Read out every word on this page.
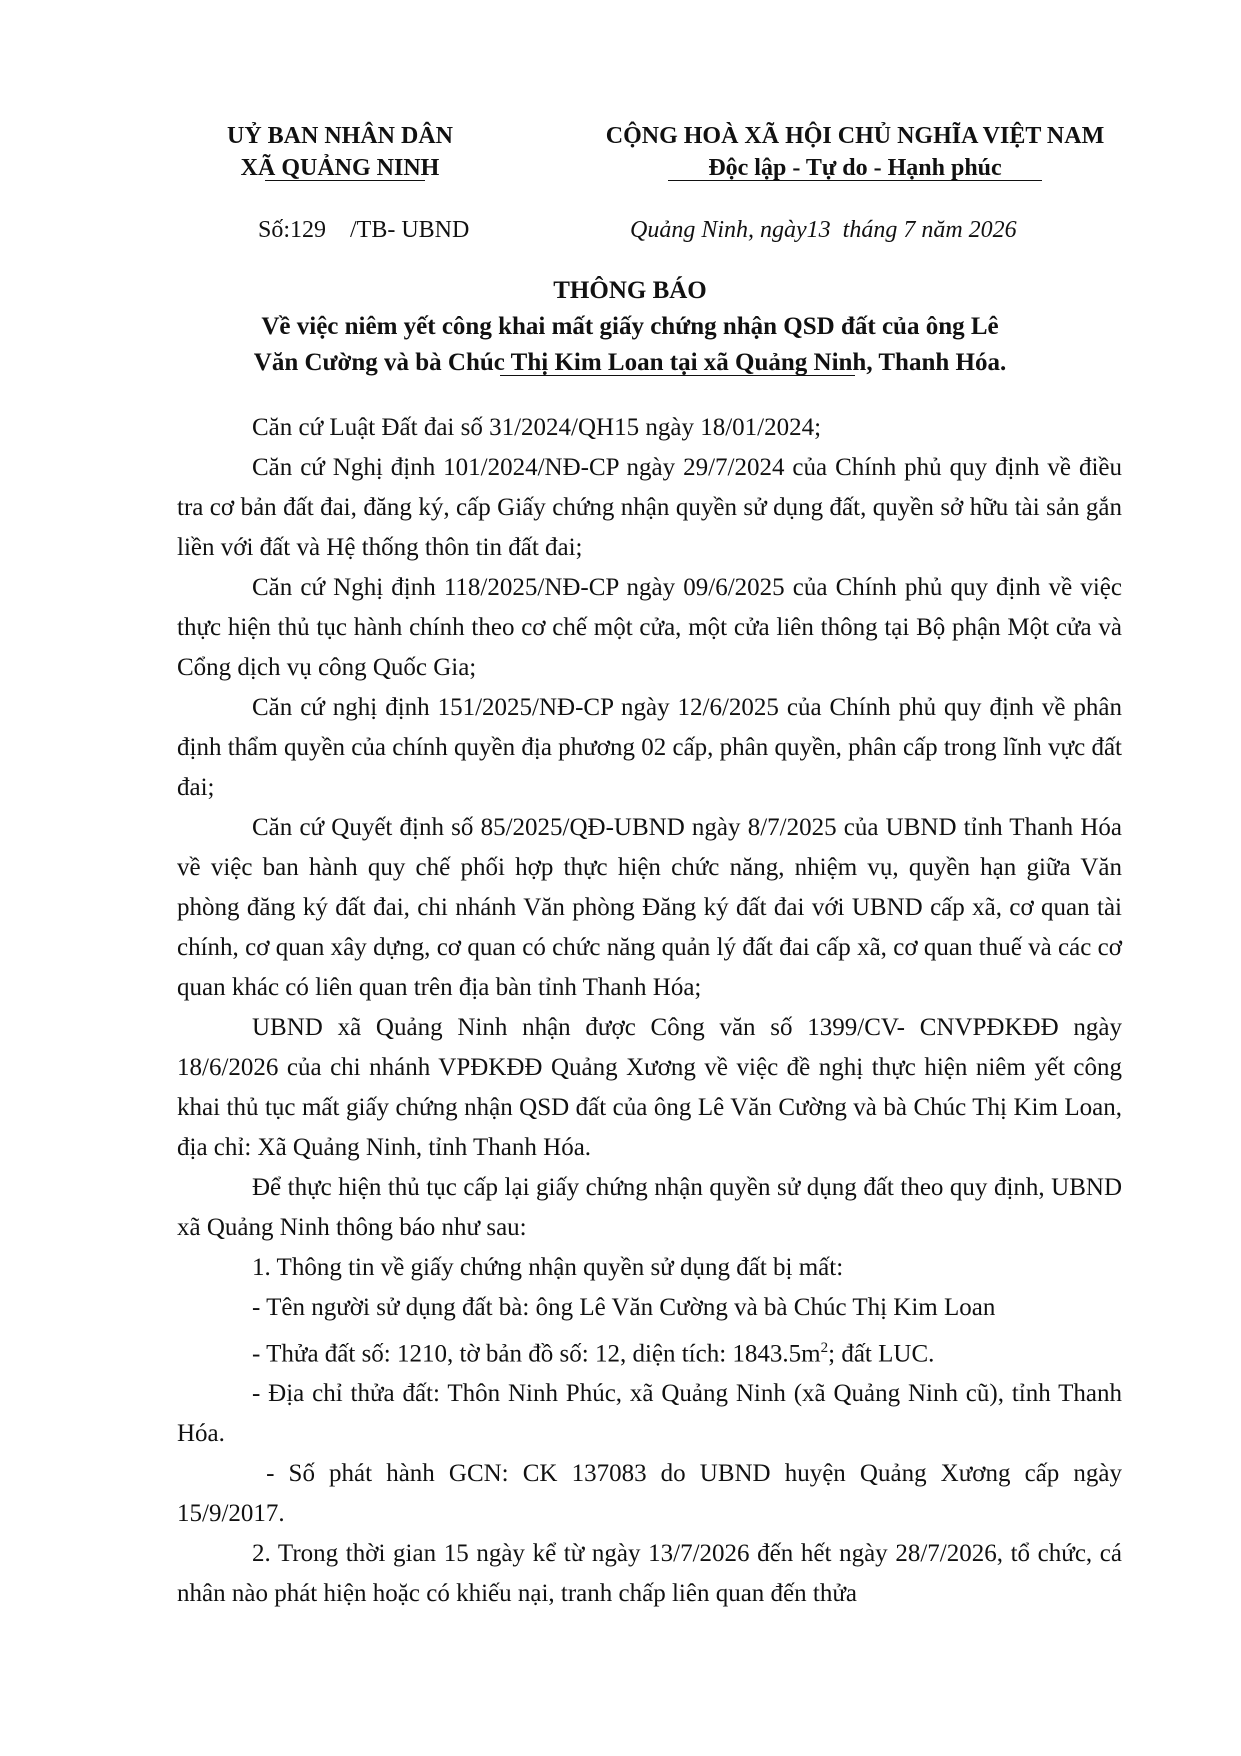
UỶ BAN NHÂN DÂN
XÃ QUẢNG NINH
CỘNG HOÀ XÃ HỘI CHỦ NGHĨA VIỆT NAM
Độc lập - Tự do - Hạnh phúc
Số:129    /TB- UBND	Quảng Ninh, ngày13  tháng 7 năm 2026
THÔNG BÁO
Về việc niêm yết công khai mất giấy chứng nhận QSD đất của ông Lê
Văn Cường và bà Chúc Thị Kim Loan tại xã Quảng Ninh, Thanh Hóa.

Căn cứ Luật Đất đai số 31/2024/QH15 ngày 18/01/2024;

Căn cứ Nghị định 101/2024/NĐ-CP ngày 29/7/2024 của Chính phủ quy định về điều tra cơ bản đất đai, đăng ký, cấp Giấy chứng nhận quyền sử dụng đất, quyền sở hữu tài sản gắn liền với đất và Hệ thống thôn tin đất đai;

Căn cứ Nghị định 118/2025/NĐ-CP ngày 09/6/2025 của Chính phủ quy định về việc thực hiện thủ tục hành chính theo cơ chế một cửa, một cửa liên thông tại Bộ phận Một cửa và Cổng dịch vụ công Quốc Gia;

Căn cứ nghị định 151/2025/NĐ-CP ngày 12/6/2025 của Chính phủ quy định về phân định thẩm quyền của chính quyền địa phương 02 cấp, phân quyền, phân cấp trong lĩnh vực đất đai;

Căn cứ Quyết định số 85/2025/QĐ-UBND ngày 8/7/2025 của UBND tỉnh Thanh Hóa về việc ban hành quy chế phối hợp thực hiện chức năng, nhiệm vụ, quyền hạn giữa Văn phòng đăng ký đất đai, chi nhánh Văn phòng Đăng ký đất đai với UBND cấp xã, cơ quan tài chính, cơ quan xây dựng, cơ quan có chức năng quản lý đất đai cấp xã, cơ quan thuế và các cơ quan khác có liên quan trên địa bàn tỉnh Thanh Hóa;

UBND xã Quảng Ninh nhận được Công văn số 1399/CV- CNVPĐKĐĐ ngày 18/6/2026 của chi nhánh VPĐKĐĐ Quảng Xương về việc đề nghị thực hiện niêm yết công khai thủ tục mất giấy chứng nhận QSD đất của ông Lê Văn Cường và bà Chúc Thị Kim Loan, địa chỉ: Xã Quảng Ninh, tỉnh Thanh Hóa.

Để thực hiện thủ tục cấp lại giấy chứng nhận quyền sử dụng đất theo quy định, UBND xã Quảng Ninh thông báo như sau:

1. Thông tin về giấy chứng nhận quyền sử dụng đất bị mất:

- Tên người sử dụng đất bà: ông Lê Văn Cường và bà Chúc Thị Kim Loan

- Thửa đất số: 1210, tờ bản đồ số: 12, diện tích: $1843.5m^2$; đất LUC.

- Địa chỉ thửa đất: Thôn Ninh Phúc, xã Quảng Ninh (xã Quảng Ninh cũ), tỉnh Thanh Hóa.

- Số phát hành GCN: CK 137083 do UBND huyện Quảng Xương cấp ngày 15/9/2017.

2. Trong thời gian 15 ngày kể từ ngày 13/7/2026 đến hết ngày 28/7/2026, tổ chức, cá nhân nào phát hiện hoặc có khiếu nại, tranh chấp liên quan đến thửa
